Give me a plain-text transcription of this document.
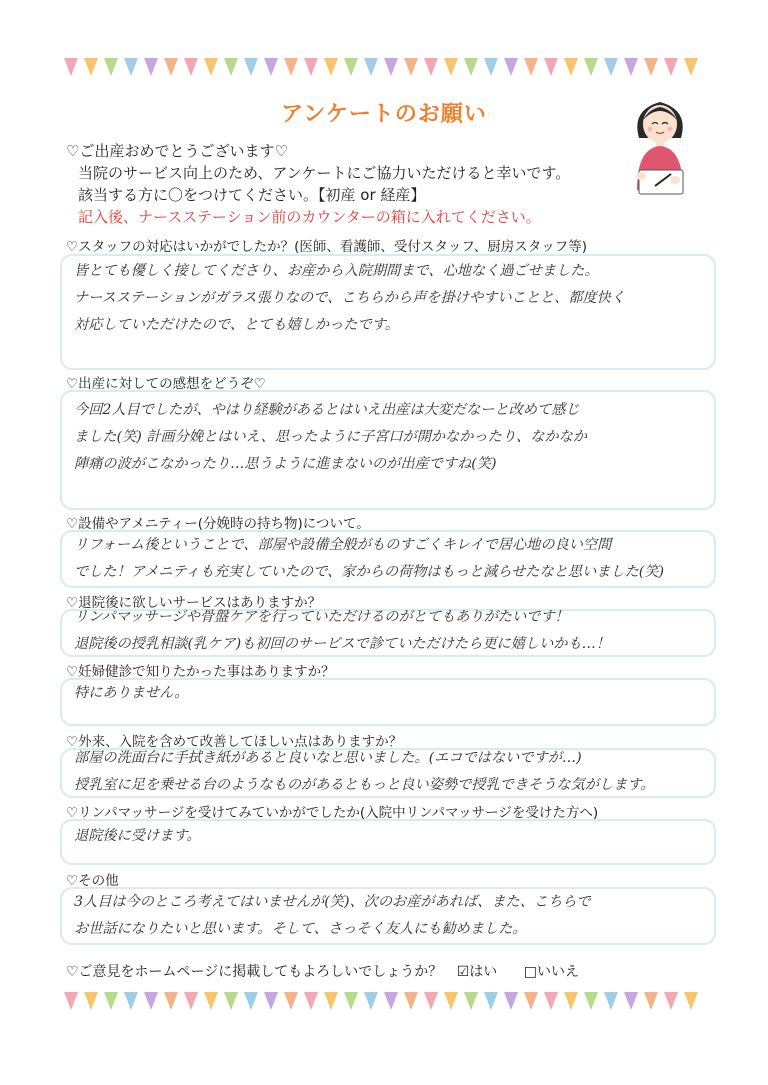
アンケートのお願い
♡ご出産おめでとうございます♡
当院のサービス向上のため、アンケートにご協力いただけると幸いです。
該当する方に〇をつけてください。【初産 or 経産】
記入後、ナースステーション前のカウンターの箱に入れてください。
♡スタッフの対応はいかがでしたか？(医師、看護師、受付スタッフ、厨房スタッフ等)
皆とても優しく接してくださり、お産から入院期間まで、心地なく過ごせました。
ナースステーションがガラス張りなので、こちらから声を掛けやすいことと、都度快く
対応していただけたので、とても嬉しかったです。
♡出産に対しての感想をどうぞ♡
今回2人目でしたが、やはり経験があるとはいえ出産は大変だなーと改めて感じ
ました(笑) 計画分娩とはいえ、思ったように子宮口が開かなかったり、なかなか
陣痛の波がこなかったり…思うように進まないのが出産ですね(笑)
♡設備やアメニティー(分娩時の持ち物)について。
リフォーム後ということで、部屋や設備全般がものすごくキレイで居心地の良い空間
でした！アメニティも充実していたので、家からの荷物はもっと減らせたなと思いました(笑)
♡退院後に欲しいサービスはありますか？
リンパマッサージや骨盤ケアを行っていただけるのがとてもありがたいです！
退院後の授乳相談(乳ケア)も初回のサービスで診ていただけたら更に嬉しいかも…！
♡妊婦健診で知りたかった事はありますか？
特にありません。
♡外来、入院を含めて改善してほしい点はありますか？
部屋の洗面台に手拭き紙があると良いなと思いました。(エコではないですが…)
授乳室に足を乗せる台のようなものがあるともっと良い姿勢で授乳できそうな気がします。
♡リンパマッサージを受けてみていかがでしたか(入院中リンパマッサージを受けた方へ)
退院後に受けます。
♡その他
3人目は今のところ考えてはいませんが(笑)、次のお産があれば、また、こちらで
お世話になりたいと思います。そして、さっそく友人にも勧めました。
♡ご意見をホームページに掲載してもよろしいでしょうか？ ☑はい □いいえ
